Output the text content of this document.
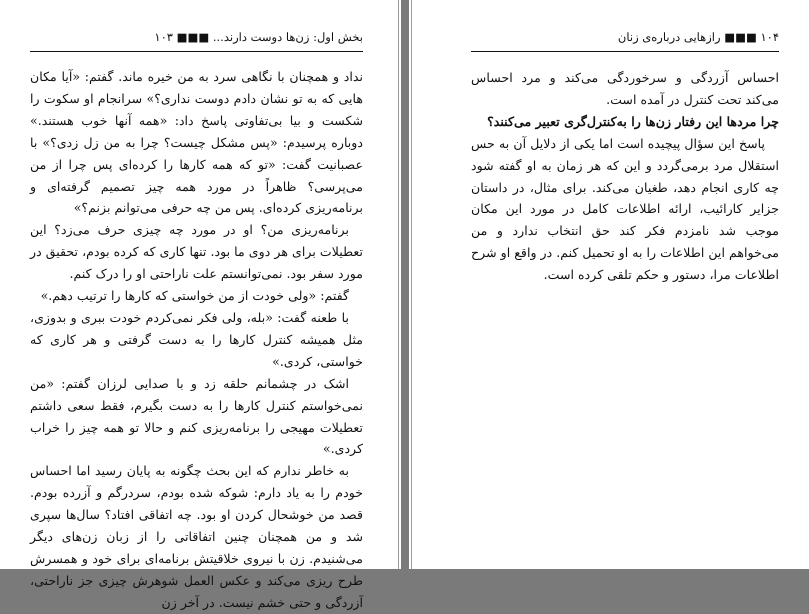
بخش اول: زن‌ها دوست دارند... ■■■ ۱۰۳

نداد و همچنان با نگاهی سرد به من خیره ماند. گفتم: «آیا مکان هایی که به تو نشان دادم دوست نداری؟» سرانجام او سکوت را شکست و بیا بی‌تفاوتی پاسخ داد: «همه آنها خوب هستند.» دوباره پرسیدم: «پس مشکل چیست؟ چرا به من زل زدی؟» با عصبانیت گفت: «تو که همه کارها را کرده‌ای پس چرا از من می‌پرسی؟ ظاهراً در مورد همه چیز تصمیم گرفته‌ای و برنامه‌ریزی کرده‌ای. پس من چه حرفی می‌توانم بزنم؟»

برنامه‌ریزی من؟ او در مورد چه چیزی حرف می‌زد؟ این تعطیلات برای هر دوی ما بود. تنها کاری که کرده بودم، تحقیق در مورد سفر بود. نمی‌توانستم علت ناراحتی او را درک کنم.

گفتم: «ولی خودت از من خواستی که کارها را ترتیب دهم.»

با طعنه گفت: «بله، ولی فکر نمی‌کردم خودت ببری و بدوزی، مثل همیشه کنترل کارها را به دست گرفتی و هر کاری که خواستی، کردی.»

اشک در چشمانم حلقه زد و با صدایی لرزان گفتم: «من نمی‌خواستم کنترل کارها را به دست بگیرم، فقط سعی داشتم تعطیلات مهیجی را برنامه‌ریزی کنم و حالا تو همه چیز را خراب کردی.»

به خاطر ندارم که این بحث چگونه به پایان رسید اما احساس خودم را به یاد دارم: شوکه شده بودم، سردرگم و آزرده بودم. قصد من خوشحال کردن او بود. چه اتفاقی افتاد؟ سال‌ها سپری شد و من همچنان چنین اتفاقاتی را از زبان زن‌های دیگر می‌شنیدم. زن با نیروی خلاقیتش برنامه‌ای برای خود و همسرش طرح ریزی می‌کند و عکس العمل شوهرش چیزی جز ناراحتی، آزردگی و حتی خشم نیست. در آخر زن

۱۰۴ ■■■ رازهایی درباره‌ی زنان

احساس آزردگی و سرخوردگی می‌کند و مرد احساس می‌کند تحت کنترل در آمده است.

چرا مردها این رفتار زن‌ها را به‌کنترل‌گری تعبیر می‌کنند؟

پاسخ این سؤال پیچیده است اما یکی از دلایل آن به حس استقلال مرد برمی‌گردد و این که هر زمان به او گفته شود چه کاری انجام دهد، طغیان می‌کند. برای مثال، در داستان جزایر کارائیب، ارائه اطلاعات کامل در مورد این مکان موجب شد نامزدم فکر کند حق انتخاب ندارد و من می‌خواهم این اطلاعات را به او تحمیل کنم. در واقع او شرح اطلاعات مرا، دستور و حکم تلقی کرده است.
